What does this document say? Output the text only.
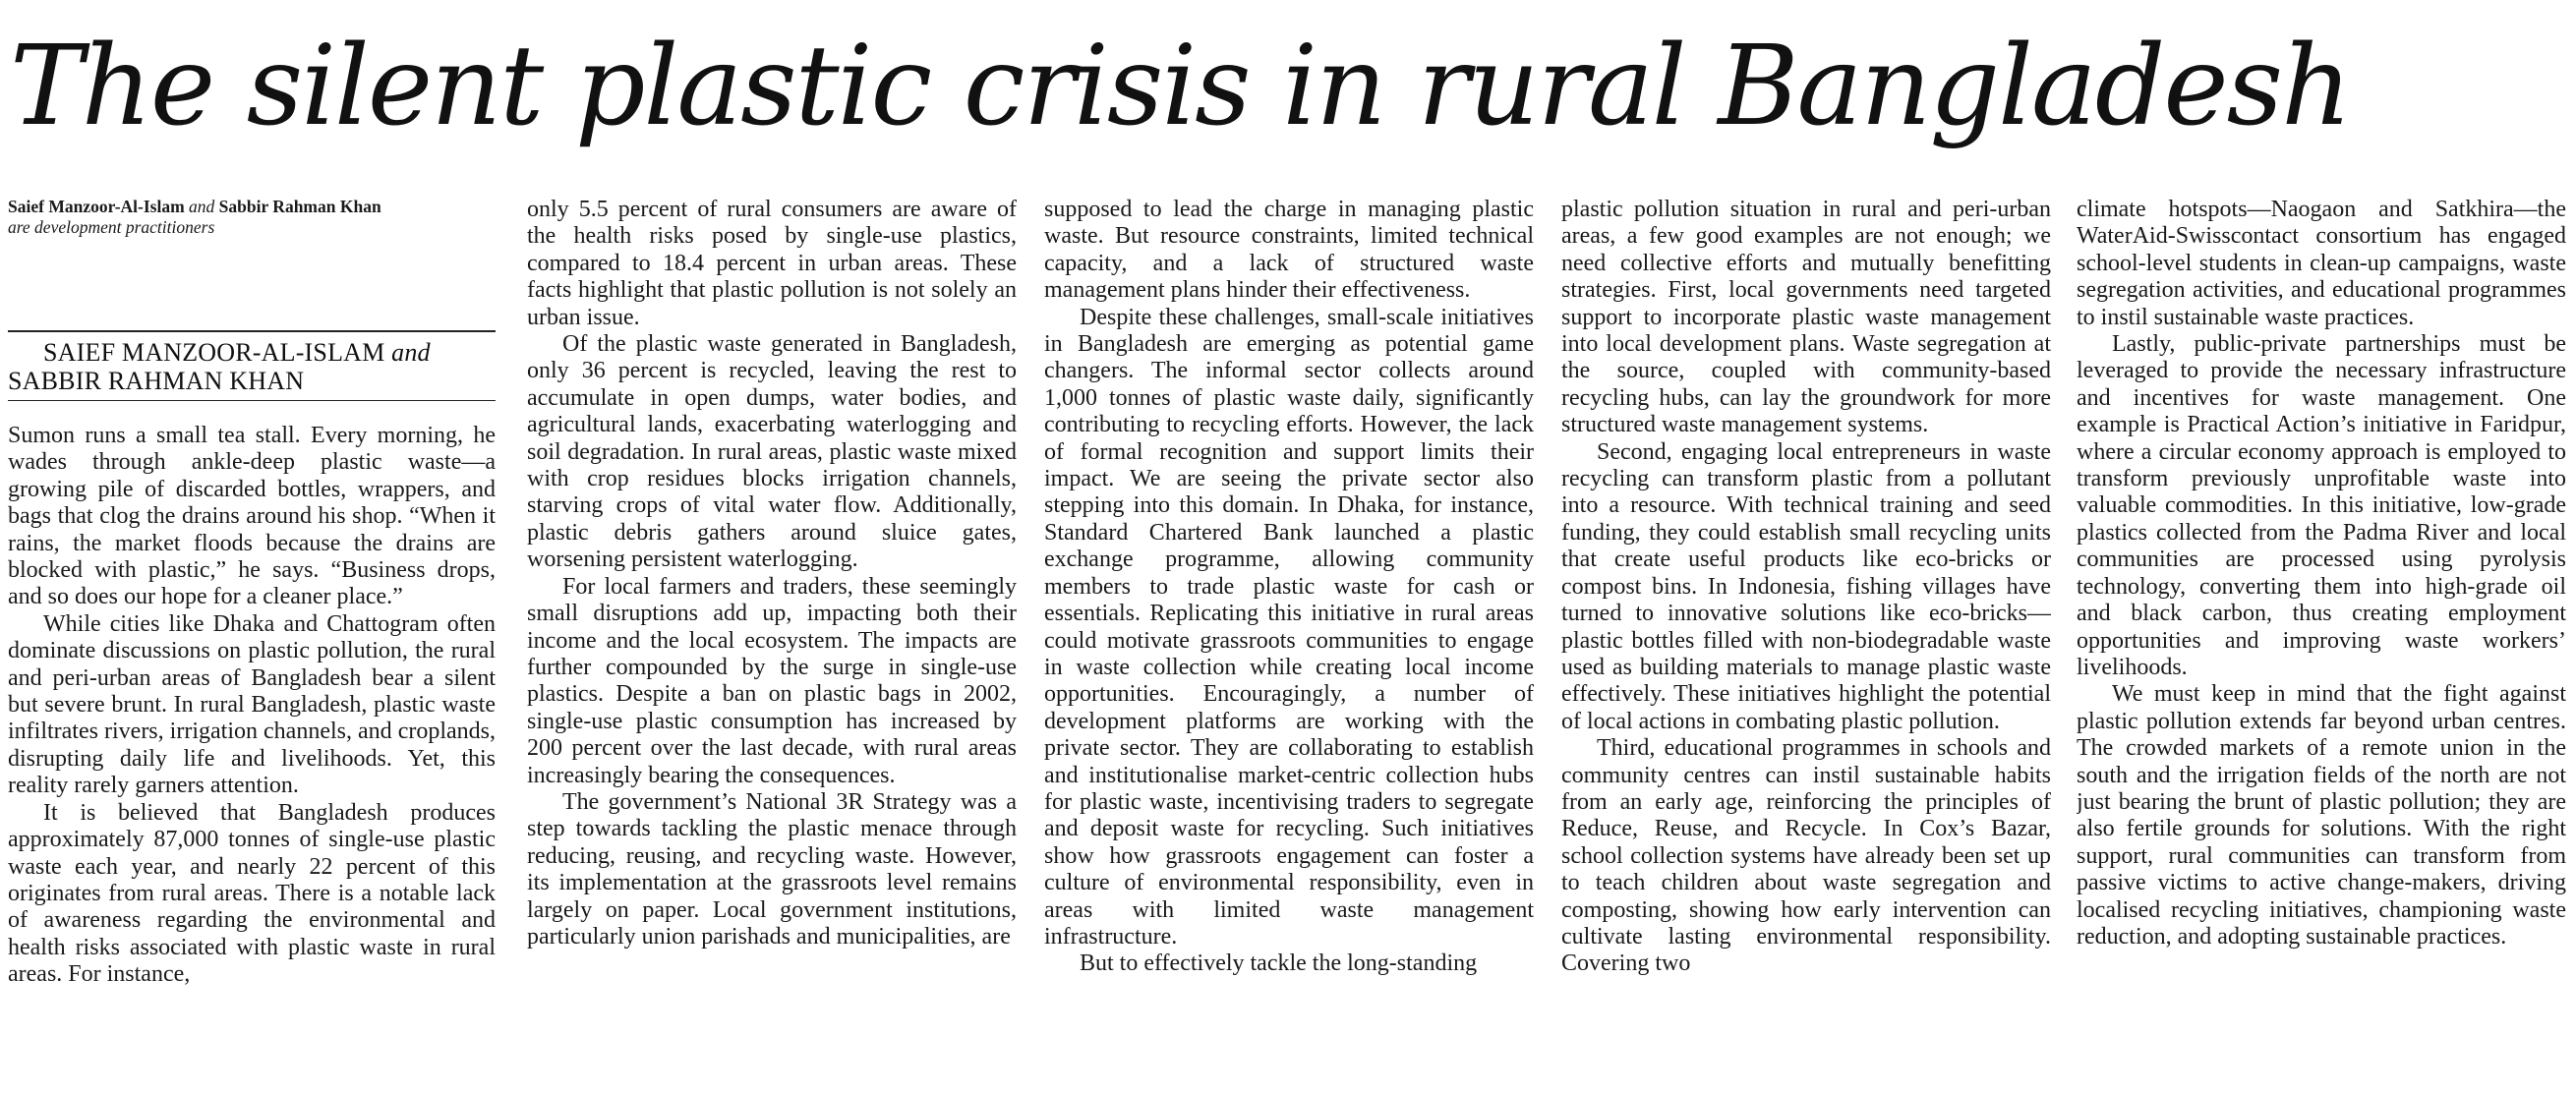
The silent plastic crisis in rural Bangladesh
Saief Manzoor-Al-Islam and Sabbir Rahman Khan
are development practitioners

SAIEF MANZOOR-AL-ISLAM and
SABBIR RAHMAN KHAN

Sumon runs a small tea stall. Every morning, he wades through ankle-deep plastic waste—a growing pile of discarded bottles, wrappers, and bags that clog the drains around his shop. “When it rains, the market floods because the drains are blocked with plastic,” he says. “Business drops, and so does our hope for a cleaner place.”

While cities like Dhaka and Chattogram often dominate discussions on plastic pollution, the rural and peri-urban areas of Bangladesh bear a silent but severe brunt. In rural Bangladesh, plastic waste infiltrates rivers, irrigation channels, and croplands, disrupting daily life and livelihoods. Yet, this reality rarely garners attention.

It is believed that Bangladesh produces approximately 87,000 tonnes of single-use plastic waste each year, and nearly 22 percent of this originates from rural areas. There is a notable lack of awareness regarding the environmental and health risks associated with plastic waste in rural areas. For instance,

only 5.5 percent of rural consumers are aware of the health risks posed by single-use plastics, compared to 18.4 percent in urban areas. These facts highlight that plastic pollution is not solely an urban issue.

Of the plastic waste generated in Bangladesh, only 36 percent is recycled, leaving the rest to accumulate in open dumps, water bodies, and agricultural lands, exacerbating waterlogging and soil degradation. In rural areas, plastic waste mixed with crop residues blocks irrigation channels, starving crops of vital water flow. Additionally, plastic debris gathers around sluice gates, worsening persistent waterlogging.

For local farmers and traders, these seemingly small disruptions add up, impacting both their income and the local ecosystem. The impacts are further compounded by the surge in single-use plastics. Despite a ban on plastic bags in 2002, single-use plastic consumption has increased by 200 percent over the last decade, with rural areas increasingly bearing the consequences.

The government’s National 3R Strategy was a step towards tackling the plastic menace through reducing, reusing, and recycling waste. However, its implementation at the grassroots level remains largely on paper. Local government institutions, particularly union parishads and municipalities, are

supposed to lead the charge in managing plastic waste. But resource constraints, limited technical capacity, and a lack of structured waste management plans hinder their effectiveness.

Despite these challenges, small-scale initiatives in Bangladesh are emerging as potential game changers. The informal sector collects around 1,000 tonnes of plastic waste daily, significantly contributing to recycling efforts. However, the lack of formal recognition and support limits their impact. We are seeing the private sector also stepping into this domain. In Dhaka, for instance, Standard Chartered Bank launched a plastic exchange programme, allowing community members to trade plastic waste for cash or essentials. Replicating this initiative in rural areas could motivate grassroots communities to engage in waste collection while creating local income opportunities. Encouragingly, a number of development platforms are working with the private sector. They are collaborating to establish and institutionalise market-centric collection hubs for plastic waste, incentivising traders to segregate and deposit waste for recycling. Such initiatives show how grassroots engagement can foster a culture of environmental responsibility, even in areas with limited waste management infrastructure.

But to effectively tackle the long-standing

plastic pollution situation in rural and peri-urban areas, a few good examples are not enough; we need collective efforts and mutually benefitting strategies. First, local governments need targeted support to incorporate plastic waste management into local development plans. Waste segregation at the source, coupled with community-based recycling hubs, can lay the groundwork for more structured waste management systems.

Second, engaging local entrepreneurs in waste recycling can transform plastic from a pollutant into a resource. With technical training and seed funding, they could establish small recycling units that create useful products like eco-bricks or compost bins. In Indonesia, fishing villages have turned to innovative solutions like eco-bricks—plastic bottles filled with non-biodegradable waste used as building materials to manage plastic waste effectively. These initiatives highlight the potential of local actions in combating plastic pollution.

Third, educational programmes in schools and community centres can instil sustainable habits from an early age, reinforcing the principles of Reduce, Reuse, and Recycle. In Cox’s Bazar, school collection systems have already been set up to teach children about waste segregation and composting, showing how early intervention can cultivate lasting environmental responsibility. Covering two

climate hotspots—Naogaon and Satkhira—the WaterAid-Swisscontact consortium has engaged school-level students in clean-up campaigns, waste segregation activities, and educational programmes to instil sustainable waste practices.

Lastly, public-private partnerships must be leveraged to provide the necessary infrastructure and incentives for waste management. One example is Practical Action’s initiative in Faridpur, where a circular economy approach is employed to transform previously unprofitable waste into valuable commodities. In this initiative, low-grade plastics collected from the Padma River and local communities are processed using pyrolysis technology, converting them into high-grade oil and black carbon, thus creating employment opportunities and improving waste workers’ livelihoods.

We must keep in mind that the fight against plastic pollution extends far beyond urban centres. The crowded markets of a remote union in the south and the irrigation fields of the north are not just bearing the brunt of plastic pollution; they are also fertile grounds for solutions. With the right support, rural communities can transform from passive victims to active change-makers, driving localised recycling initiatives, championing waste reduction, and adopting sustainable practices.
